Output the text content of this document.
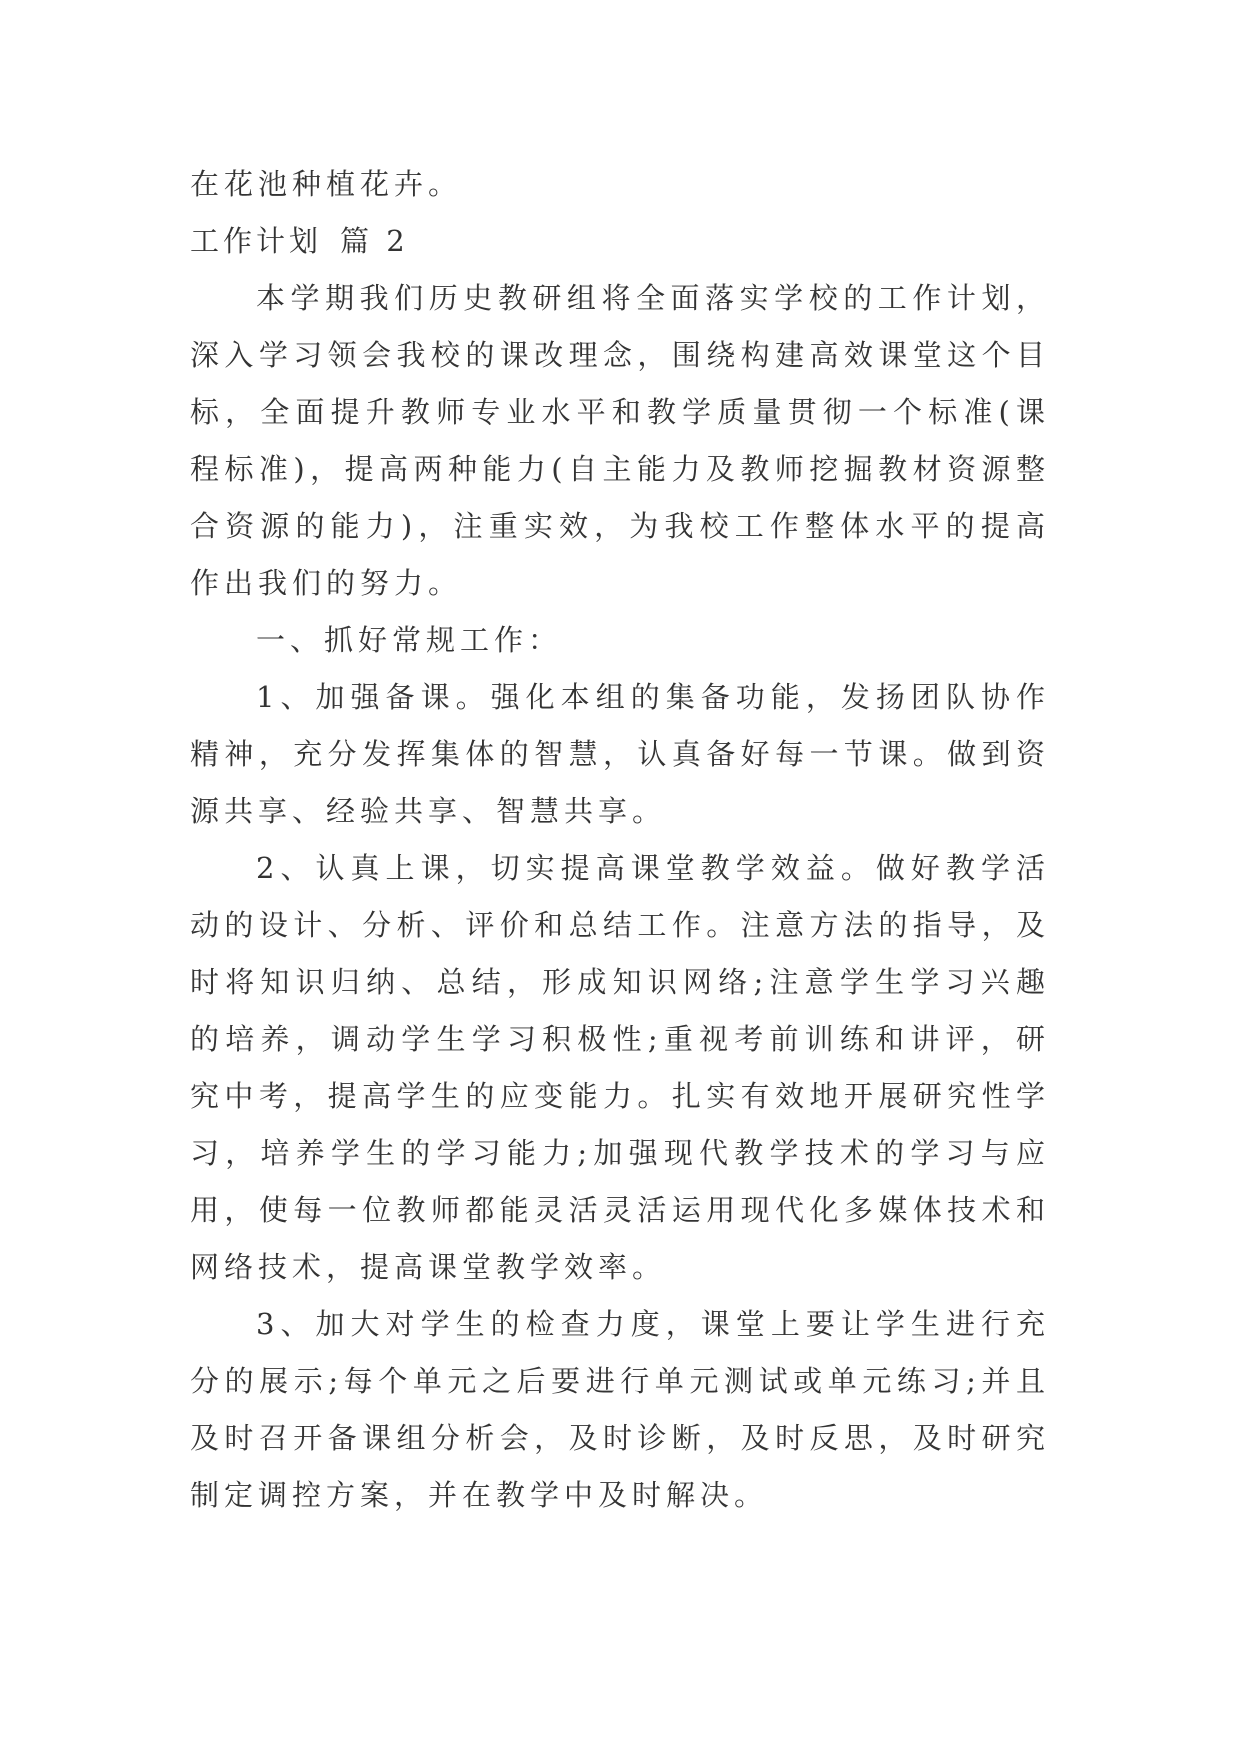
在花池种植花卉。

工作计划 篇 2

本学期我们历史教研组将全面落实学校的工作计划，深入学习领会我校的课改理念，围绕构建高效课堂这个目标，全面提升教师专业水平和教学质量贯彻一个标准(课程标准)，提高两种能力(自主能力及教师挖掘教材资源整合资源的能力)，注重实效，为我校工作整体水平的提高作出我们的努力。

一、抓好常规工作：

1、加强备课。强化本组的集备功能，发扬团队协作精神，充分发挥集体的智慧，认真备好每一节课。做到资源共享、经验共享、智慧共享。

2、认真上课，切实提高课堂教学效益。做好教学活动的设计、分析、评价和总结工作。注意方法的指导，及时将知识归纳、总结，形成知识网络;注意学生学习兴趣的培养，调动学生学习积极性;重视考前训练和讲评，研究中考，提高学生的应变能力。扎实有效地开展研究性学习，培养学生的学习能力;加强现代教学技术的学习与应用，使每一位教师都能灵活灵活运用现代化多媒体技术和网络技术，提高课堂教学效率。

3、加大对学生的检查力度，课堂上要让学生进行充分的展示;每个单元之后要进行单元测试或单元练习;并且及时召开备课组分析会，及时诊断，及时反思，及时研究制定调控方案，并在教学中及时解决。
